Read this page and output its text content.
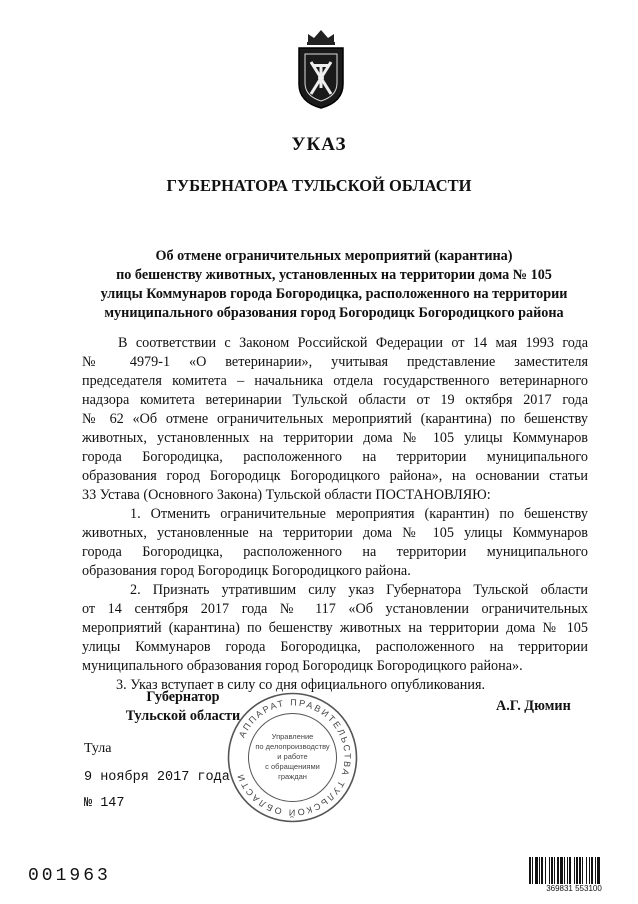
УКАЗ
ГУБЕРНАТОРА ТУЛЬСКОЙ ОБЛАСТИ
Об отмене ограничительных мероприятий (карантина)
по бешенству животных, установленных на территории дома № 105
улицы Коммунаров города Богородицка, расположенного на территории
муниципального образования город Богородицк Богородицкого района
В соответствии с Законом Российской Федерации от 14 мая 1993 года
№ 4979-1 «О ветеринарии», учитывая представление заместителя
председателя комитета – начальника отдела государственного ветеринарного
надзора комитета ветеринарии Тульской области от 19 октября 2017 года
№ 62 «Об отмене ограничительных мероприятий (карантина) по бешенству
животных, установленных на территории дома № 105 улицы Коммунаров
города Богородицка, расположенного на территории муниципального
образования город Богородицк Богородицкого района», на основании статьи
33 Устава (Основного Закона) Тульской области ПОСТАНОВЛЯЮ:
1. Отменить ограничительные мероприятия (карантин) по бешенству
животных, установленные на территории дома № 105 улицы Коммунаров
города Богородицка, расположенного на территории муниципального
образования город Богородицк Богородицкого района.
2. Признать утратившим силу указ Губернатора Тульской области
от 14 сентября 2017 года № 117 «Об установлении ограничительных
мероприятий (карантина) по бешенству животных на территории дома № 105
улицы Коммунаров города Богородицка, расположенного на территории
муниципального образования город Богородицк Богородицкого района».
3. Указ вступает в силу со дня официального опубликования.
Губернатор
Тульской области
А.Г. Дюмин
АППАРАТ ПРАВИТЕЛЬСТВА ТУЛЬСКОЙ ОБЛАСТИ
Управление
по делопроизводству
и работе
с обращениями
граждан
Тула
9 ноября 2017 года
№ 147
001963
369831 553100
